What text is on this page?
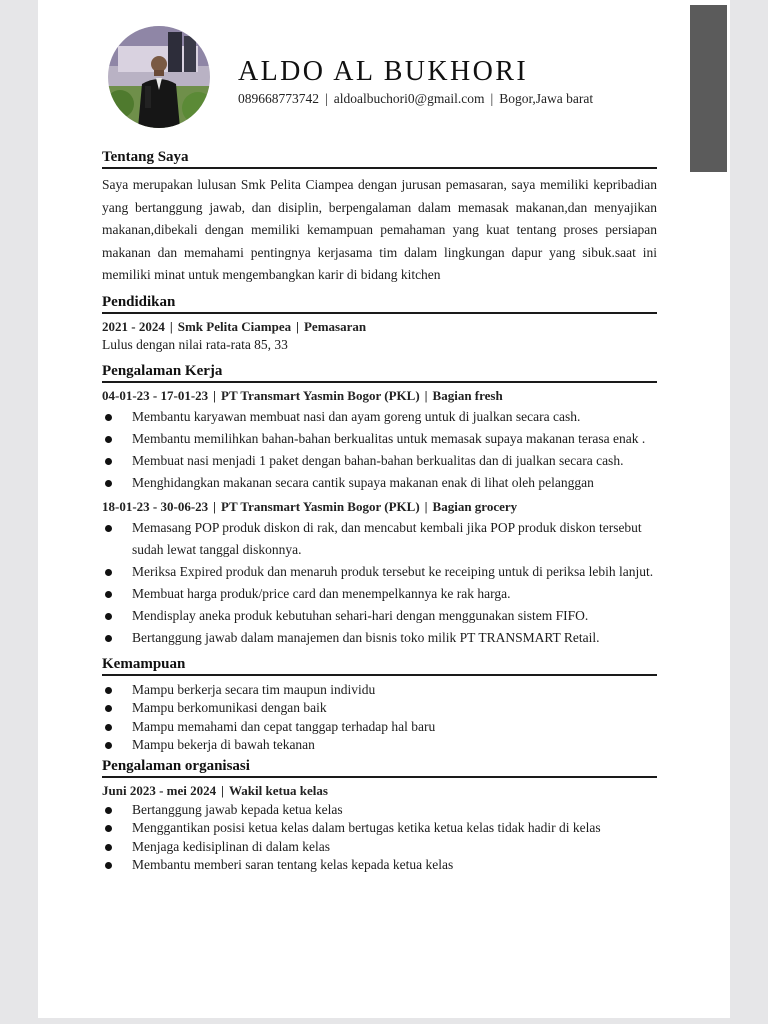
ALDO AL BUKHORI
089668773742 | aldoalbuchori0@gmail.com | Bogor,Jawa barat
Tentang Saya

Saya merupakan lulusan Smk Pelita Ciampea dengan jurusan pemasaran, saya memiliki kepribadian yang bertanggung jawab, dan disiplin, berpengalaman dalam memasak makanan,dan menyajikan makanan,dibekali dengan memiliki kemampuan pemahaman yang kuat tentang proses persiapan makanan dan memahami pentingnya kerjasama tim dalam lingkungan dapur yang sibuk.saat ini memiliki minat untuk mengembangkan karir di bidang kitchen

Pendidikan
2021 - 2024 | Smk Pelita Ciampea | Pemasaran
Lulus dengan nilai rata-rata 85, 33
Pengalaman Kerja
04-01-23 - 17-01-23 | PT Transmart Yasmin Bogor (PKL) | Bagian fresh
Membantu karyawan membuat nasi dan ayam goreng untuk di jualkan secara cash.
Membantu memilihkan bahan-bahan berkualitas untuk memasak supaya makanan terasa enak .
Membuat nasi menjadi 1 paket dengan bahan-bahan berkualitas dan di jualkan secara cash.
Menghidangkan makanan secara cantik supaya makanan enak di lihat oleh pelanggan
18-01-23 - 30-06-23 | PT Transmart Yasmin Bogor (PKL) | Bagian grocery
Memasang POP produk diskon di rak, dan mencabut kembali jika POP produk diskon tersebut sudah lewat tanggal diskonnya.
Meriksa Expired produk dan menaruh produk tersebut ke receiping untuk di periksa lebih lanjut.
Membuat harga produk/price card dan menempelkannya ke rak harga.
Mendisplay aneka produk kebutuhan sehari-hari dengan menggunakan sistem FIFO.
Bertanggung jawab dalam manajemen dan bisnis toko milik PT TRANSMART Retail.
Kemampuan
Mampu berkerja secara tim maupun individu
Mampu berkomunikasi dengan baik
Mampu memahami dan cepat tanggap terhadap hal baru
Mampu bekerja di bawah tekanan
Pengalaman organisasi
Juni 2023 - mei 2024 | Wakil ketua kelas
Bertanggung jawab kepada ketua kelas
Menggantikan posisi ketua kelas dalam bertugas ketika ketua kelas tidak hadir di kelas
Menjaga kedisiplinan di dalam kelas
Membantu memberi saran tentang kelas kepada ketua kelas
